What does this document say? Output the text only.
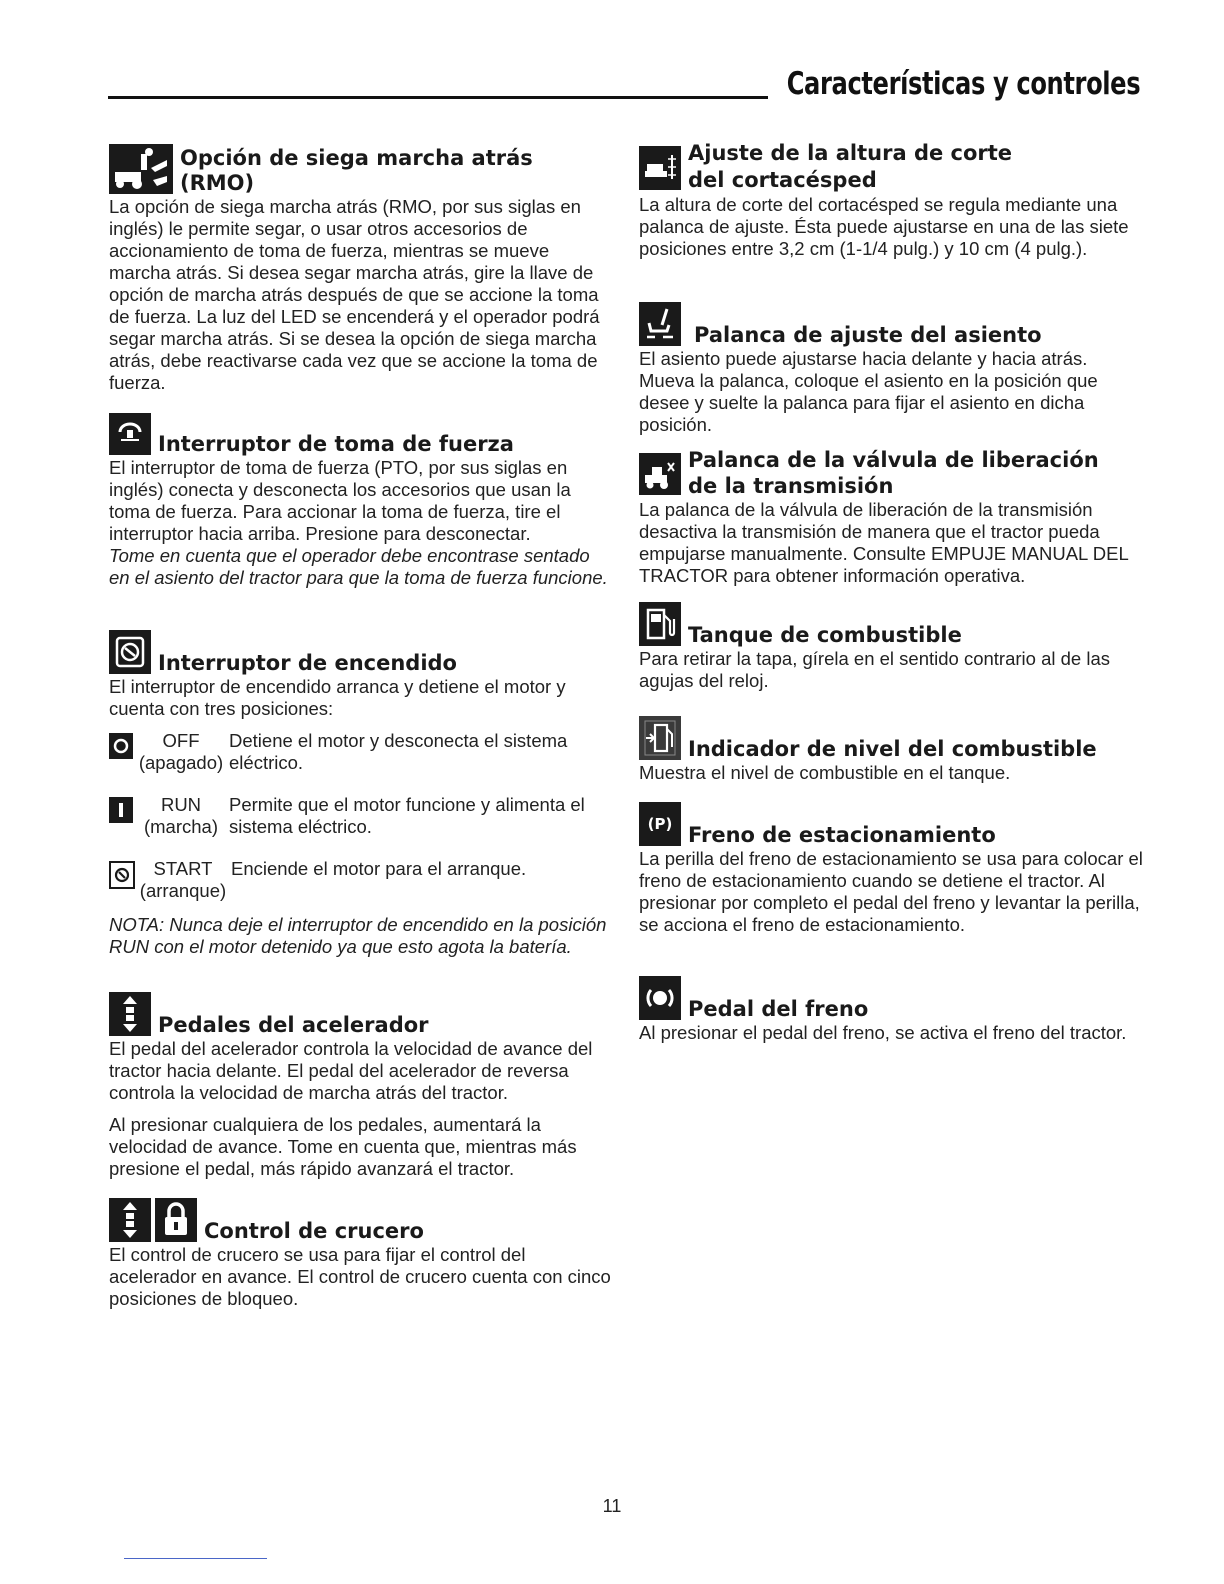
Características y controles
Opción de siega marcha atrás (RMO)

La opción de siega marcha atrás (RMO, por sus siglas en inglés) le permite segar, o usar otros accesorios de accionamiento de toma de fuerza, mientras se mueve marcha atrás. Si desea segar marcha atrás, gire la llave de opción de marcha atrás después de que se accione la toma de fuerza. La luz del LED se encenderá y el operador podrá segar marcha atrás. Si se desea la opción de siega marcha atrás, debe reactivarse cada vez que se accione la toma de fuerza.

Interruptor de toma de fuerza

El interruptor de toma de fuerza (PTO, por sus siglas en inglés) conecta y desconecta los accesorios que usan la toma de fuerza. Para accionar la toma de fuerza, tire el interruptor hacia arriba. Presione para desconectar.

Tome en cuenta que el operador debe encontrase sentado en el asiento del tractor para que la toma de fuerza funcione.

Interruptor de encendido

El interruptor de encendido arranca y detiene el motor y cuenta con tres posiciones:

OFF
(apagado)
Detiene el motor y desconecta el sistema eléctrico.
RUN
(marcha)
Permite que el motor funcione y alimenta el sistema eléctrico.
START
(arranque)
Enciende el motor para el arranque.

NOTA: Nunca deje el interruptor de encendido en la posición RUN con el motor detenido ya que esto agota la batería.

Pedales del acelerador

El pedal del acelerador controla la velocidad de avance del tractor hacia delante. El pedal del acelerador de reversa controla la velocidad de marcha atrás del tractor.

Al presionar cualquiera de los pedales, aumentará la velocidad de avance. Tome en cuenta que, mientras más presione el pedal, más rápido avanzará el tractor.

Control de crucero

El control de crucero se usa para fijar el control del acelerador en avance. El control de crucero cuenta con cinco posiciones de bloqueo.

Ajuste de la altura de corte
del cortacésped

La altura de corte del cortacésped se regula mediante una palanca de ajuste. Ésta puede ajustarse en una de las siete posiciones entre 3,2 cm (1-1/4 pulg.) y 10 cm (4 pulg.).

Palanca de ajuste del asiento

El asiento puede ajustarse hacia delante y hacia atrás. Mueva la palanca, coloque el asiento en la posición que desee y suelte la palanca para fijar el asiento en dicha posición.

Palanca de la válvula de liberación
de la transmisión

La palanca de la válvula de liberación de la transmisión desactiva la transmisión de manera que el tractor pueda empujarse manualmente. Consulte EMPUJE MANUAL DEL TRACTOR para obtener información operativa.

Tanque de combustible

Para retirar la tapa, gírela en el sentido contrario al de las agujas del reloj.

Indicador de nivel del combustible

Muestra el nivel de combustible en el tanque.

(P) Freno de estacionamiento

La perilla del freno de estacionamiento se usa para colocar el freno de estacionamiento cuando se detiene el tractor. Al presionar por completo el pedal del freno y levantar la perilla, se acciona el freno de estacionamiento.

Pedal del freno

Al presionar el pedal del freno, se activa el freno del tractor.

11
